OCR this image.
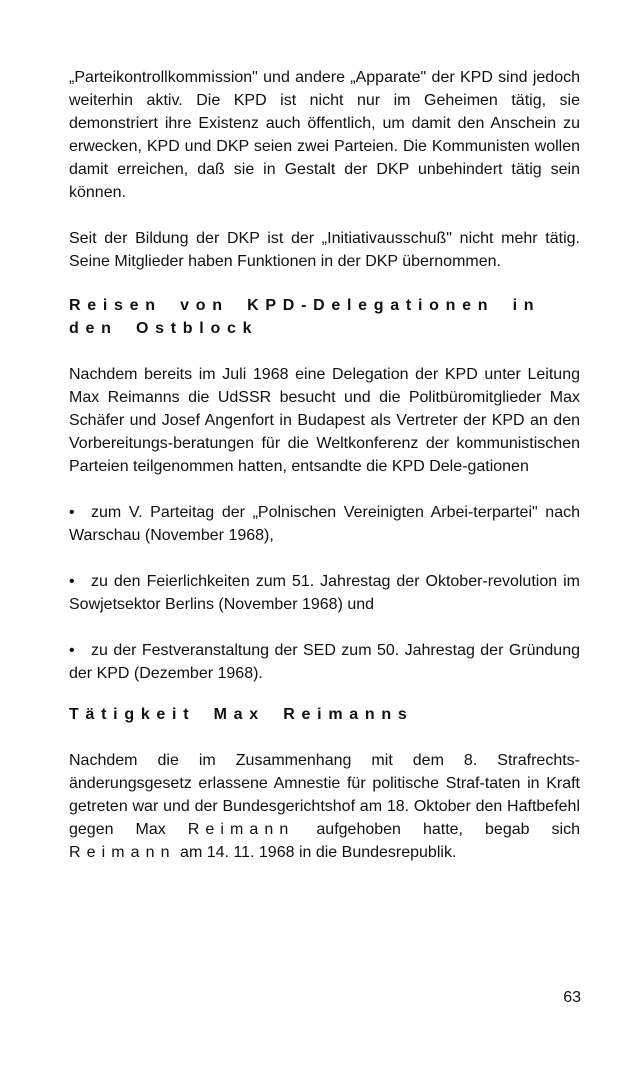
„Parteikontrollkommission" und andere „Apparate" der KPD sind jedoch weiterhin aktiv. Die KPD ist nicht nur im Geheimen tätig, sie demonstriert ihre Existenz auch öffentlich, um damit den Anschein zu erwecken, KPD und DKP seien zwei Parteien. Die Kommunisten wollen damit erreichen, daß sie in Gestalt der DKP unbehindert tätig sein können.

Seit der Bildung der DKP ist der „Initiativausschuß" nicht mehr tätig. Seine Mitglieder haben Funktionen in der DKP übernommen.

Reisen von KPD-Delegationen in den Ostblock

Nachdem bereits im Juli 1968 eine Delegation der KPD unter Leitung Max Reimanns die UdSSR besucht und die Politbüromitglieder Max Schäfer und Josef Angenfort in Budapest als Vertreter der KPD an den Vorbereitungs-beratungen für die Weltkonferenz der kommunistischen Parteien teilgenommen hatten, entsandte die KPD Dele-gationen

• zum V. Parteitag der „Polnischen Vereinigten Arbei-terpartei" nach Warschau (November 1968),

• zu den Feierlichkeiten zum 51. Jahrestag der Oktober-revolution im Sowjetsektor Berlins (November 1968) und

• zu der Festveranstaltung der SED zum 50. Jahrestag der Gründung der KPD (Dezember 1968).

Tätigkeit Max Reimanns

Nachdem die im Zusammenhang mit dem 8. Strafrechts-änderungsgesetz erlassene Amnestie für politische Straf-taten in Kraft getreten war und der Bundesgerichtshof am 18. Oktober den Haftbefehl gegen Max Reimann aufgehoben hatte, begab sich Reimann am 14. 11. 1968 in die Bundesrepublik.

63
